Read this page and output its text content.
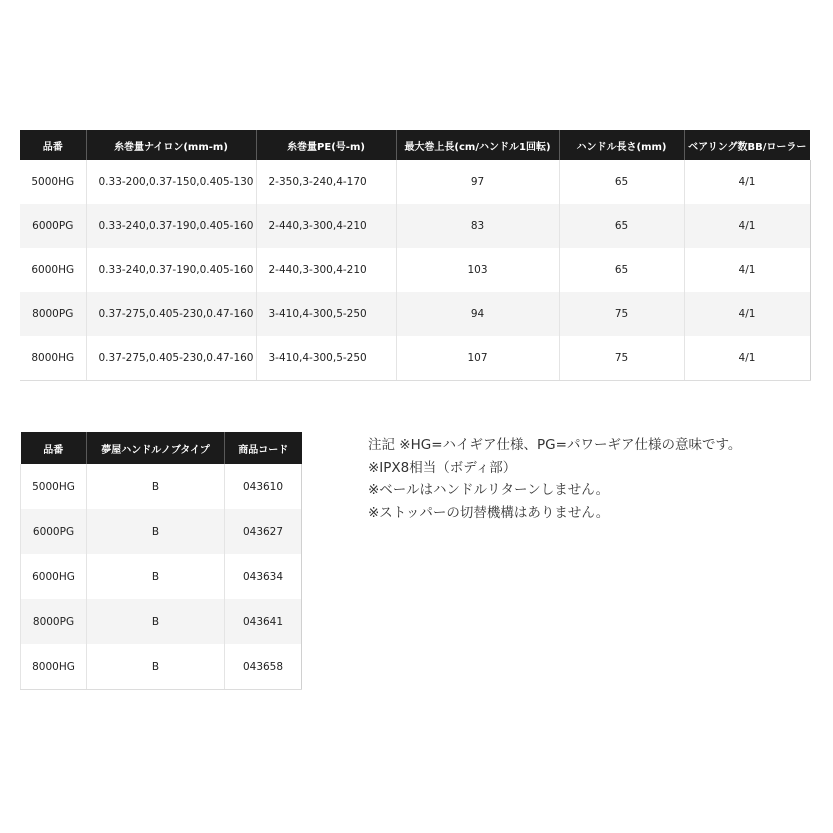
品番	糸巻量ナイロン(mm-m)	糸巻量PE(号-m)	最大巻上長(cm/ハンドル1回転)	ハンドル長さ(mm)	ベアリング数BB/ローラー
5000HG	0.33-200,0.37-150,0.405-130	2-350,3-240,4-170	97	65	4/1
6000PG	0.33-240,0.37-190,0.405-160	2-440,3-300,4-210	83	65	4/1
6000HG	0.33-240,0.37-190,0.405-160	2-440,3-300,4-210	103	65	4/1
8000PG	0.37-275,0.405-230,0.47-160	3-410,4-300,5-250	94	75	4/1
8000HG	0.37-275,0.405-230,0.47-160	3-410,4-300,5-250	107	75	4/1
品番	夢屋ハンドルノブタイプ	商品コード
5000HG	B	043610
6000PG	B	043627
6000HG	B	043634
8000PG	B	043641
8000HG	B	043658
注記 ※HG=ハイギア仕様、PG=パワーギア仕様の意味です。
※IPX8相当（ボディ部）
※ベールはハンドルリターンしません。
※ストッパーの切替機構はありません。
